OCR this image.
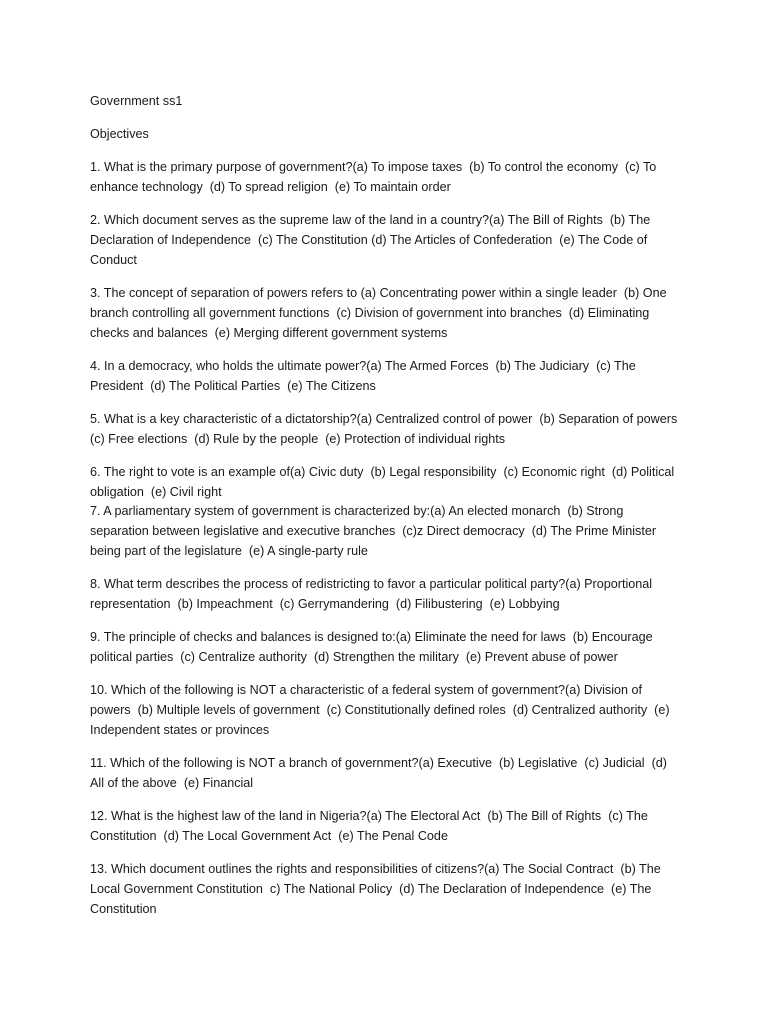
Government ss1

Objectives

1. What is the primary purpose of government?(a) To impose taxes  (b) To control the economy  (c) To enhance technology  (d) To spread religion  (e) To maintain order

2. Which document serves as the supreme law of the land in a country?(a) The Bill of Rights  (b) The Declaration of Independence  (c) The Constitution (d) The Articles of Confederation  (e) The Code of Conduct

3. The concept of separation of powers refers to (a) Concentrating power within a single leader  (b) One branch controlling all government functions  (c) Division of government into branches  (d) Eliminating checks and balances  (e) Merging different government systems

4. In a democracy, who holds the ultimate power?(a) The Armed Forces  (b) The Judiciary  (c) The President  (d) The Political Parties  (e) The Citizens

5. What is a key characteristic of a dictatorship?(a) Centralized control of power  (b) Separation of powers  (c) Free elections  (d) Rule by the people  (e) Protection of individual rights

6. The right to vote is an example of(a) Civic duty  (b) Legal responsibility  (c) Economic right  (d) Political obligation  (e) Civil right

7. A parliamentary system of government is characterized by:(a) An elected monarch  (b) Strong separation between legislative and executive branches  (c)z Direct democracy  (d) The Prime Minister being part of the legislature  (e) A single-party rule

8. What term describes the process of redistricting to favor a particular political party?(a) Proportional representation  (b) Impeachment  (c) Gerrymandering  (d) Filibustering  (e) Lobbying

9. The principle of checks and balances is designed to:(a) Eliminate the need for laws  (b) Encourage political parties  (c) Centralize authority  (d) Strengthen the military  (e) Prevent abuse of power

10. Which of the following is NOT a characteristic of a federal system of government?(a) Division of powers  (b) Multiple levels of government  (c) Constitutionally defined roles  (d) Centralized authority  (e) Independent states or provinces

11. Which of the following is NOT a branch of government?(a) Executive  (b) Legislative  (c) Judicial  (d) All of the above  (e) Financial

12. What is the highest law of the land in Nigeria?(a) The Electoral Act  (b) The Bill of Rights  (c) The Constitution  (d) The Local Government Act  (e) The Penal Code

13. Which document outlines the rights and responsibilities of citizens?(a) The Social Contract  (b) The Local Government Constitution  c) The National Policy  (d) The Declaration of Independence  (e) The Constitution
